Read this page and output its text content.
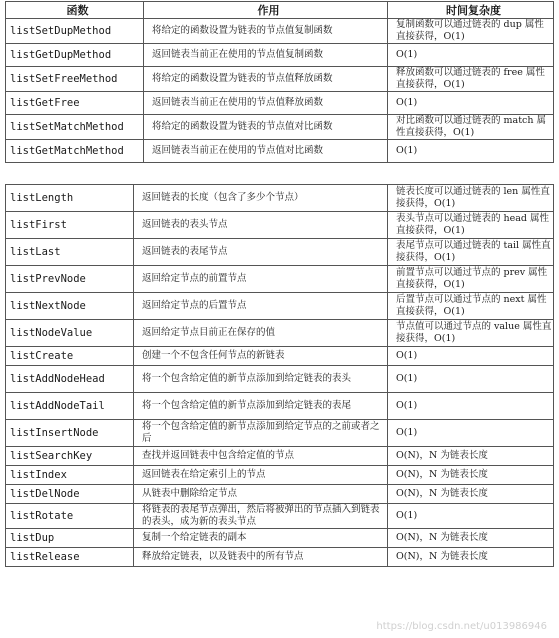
函数	作用	时间复杂度
listSetDupMethod	将给定的函数设置为链表的节点值复制函数	复制函数可以通过链表的 dup 属性直接获得，O(1)
listGetDupMethod	返回链表当前正在使用的节点值复制函数	O(1)
listSetFreeMethod	将给定的函数设置为链表的节点值释放函数	释放函数可以通过链表的 free 属性直接获得，O(1)
listGetFree	返回链表当前正在使用的节点值释放函数	O(1)
listSetMatchMethod	将给定的函数设置为链表的节点值对比函数	对比函数可以通过链表的 match 属性直接获得，O(1)
listGetMatchMethod	返回链表当前正在使用的节点值对比函数	O(1)
listLength	返回链表的长度（包含了多少个节点）	链表长度可以通过链表的 len 属性直接获得，O(1)
listFirst	返回链表的表头节点	表头节点可以通过链表的 head 属性直接获得，O(1)
listLast	返回链表的表尾节点	表尾节点可以通过链表的 tail 属性直接获得，O(1)
listPrevNode	返回给定节点的前置节点	前置节点可以通过节点的 prev 属性直接获得，O(1)
listNextNode	返回给定节点的后置节点	后置节点可以通过节点的 next 属性直接获得，O(1)
listNodeValue	返回给定节点目前正在保存的值	节点值可以通过节点的 value 属性直接获得，O(1)
listCreate	创建一个不包含任何节点的新链表	O(1)
listAddNodeHead	将一个包含给定值的新节点添加到给定链表的表头	O(1)
listAddNodeTail	将一个包含给定值的新节点添加到给定链表的表尾	O(1)
listInsertNode	将一个包含给定值的新节点添加到给定节点的之前或者之后	O(1)
listSearchKey	查找并返回链表中包含给定值的节点	O(N)，N 为链表长度
listIndex	返回链表在给定索引上的节点	O(N)，N 为链表长度
listDelNode	从链表中删除给定节点	O(N)，N 为链表长度
listRotate	将链表的表尾节点弹出，然后将被弹出的节点插入到链表的表头，成为新的表头节点	O(1)
listDup	复制一个给定链表的副本	O(N)，N 为链表长度
listRelease	释放给定链表，以及链表中的所有节点	O(N)，N 为链表长度
https://blog.csdn.net/u013986946
